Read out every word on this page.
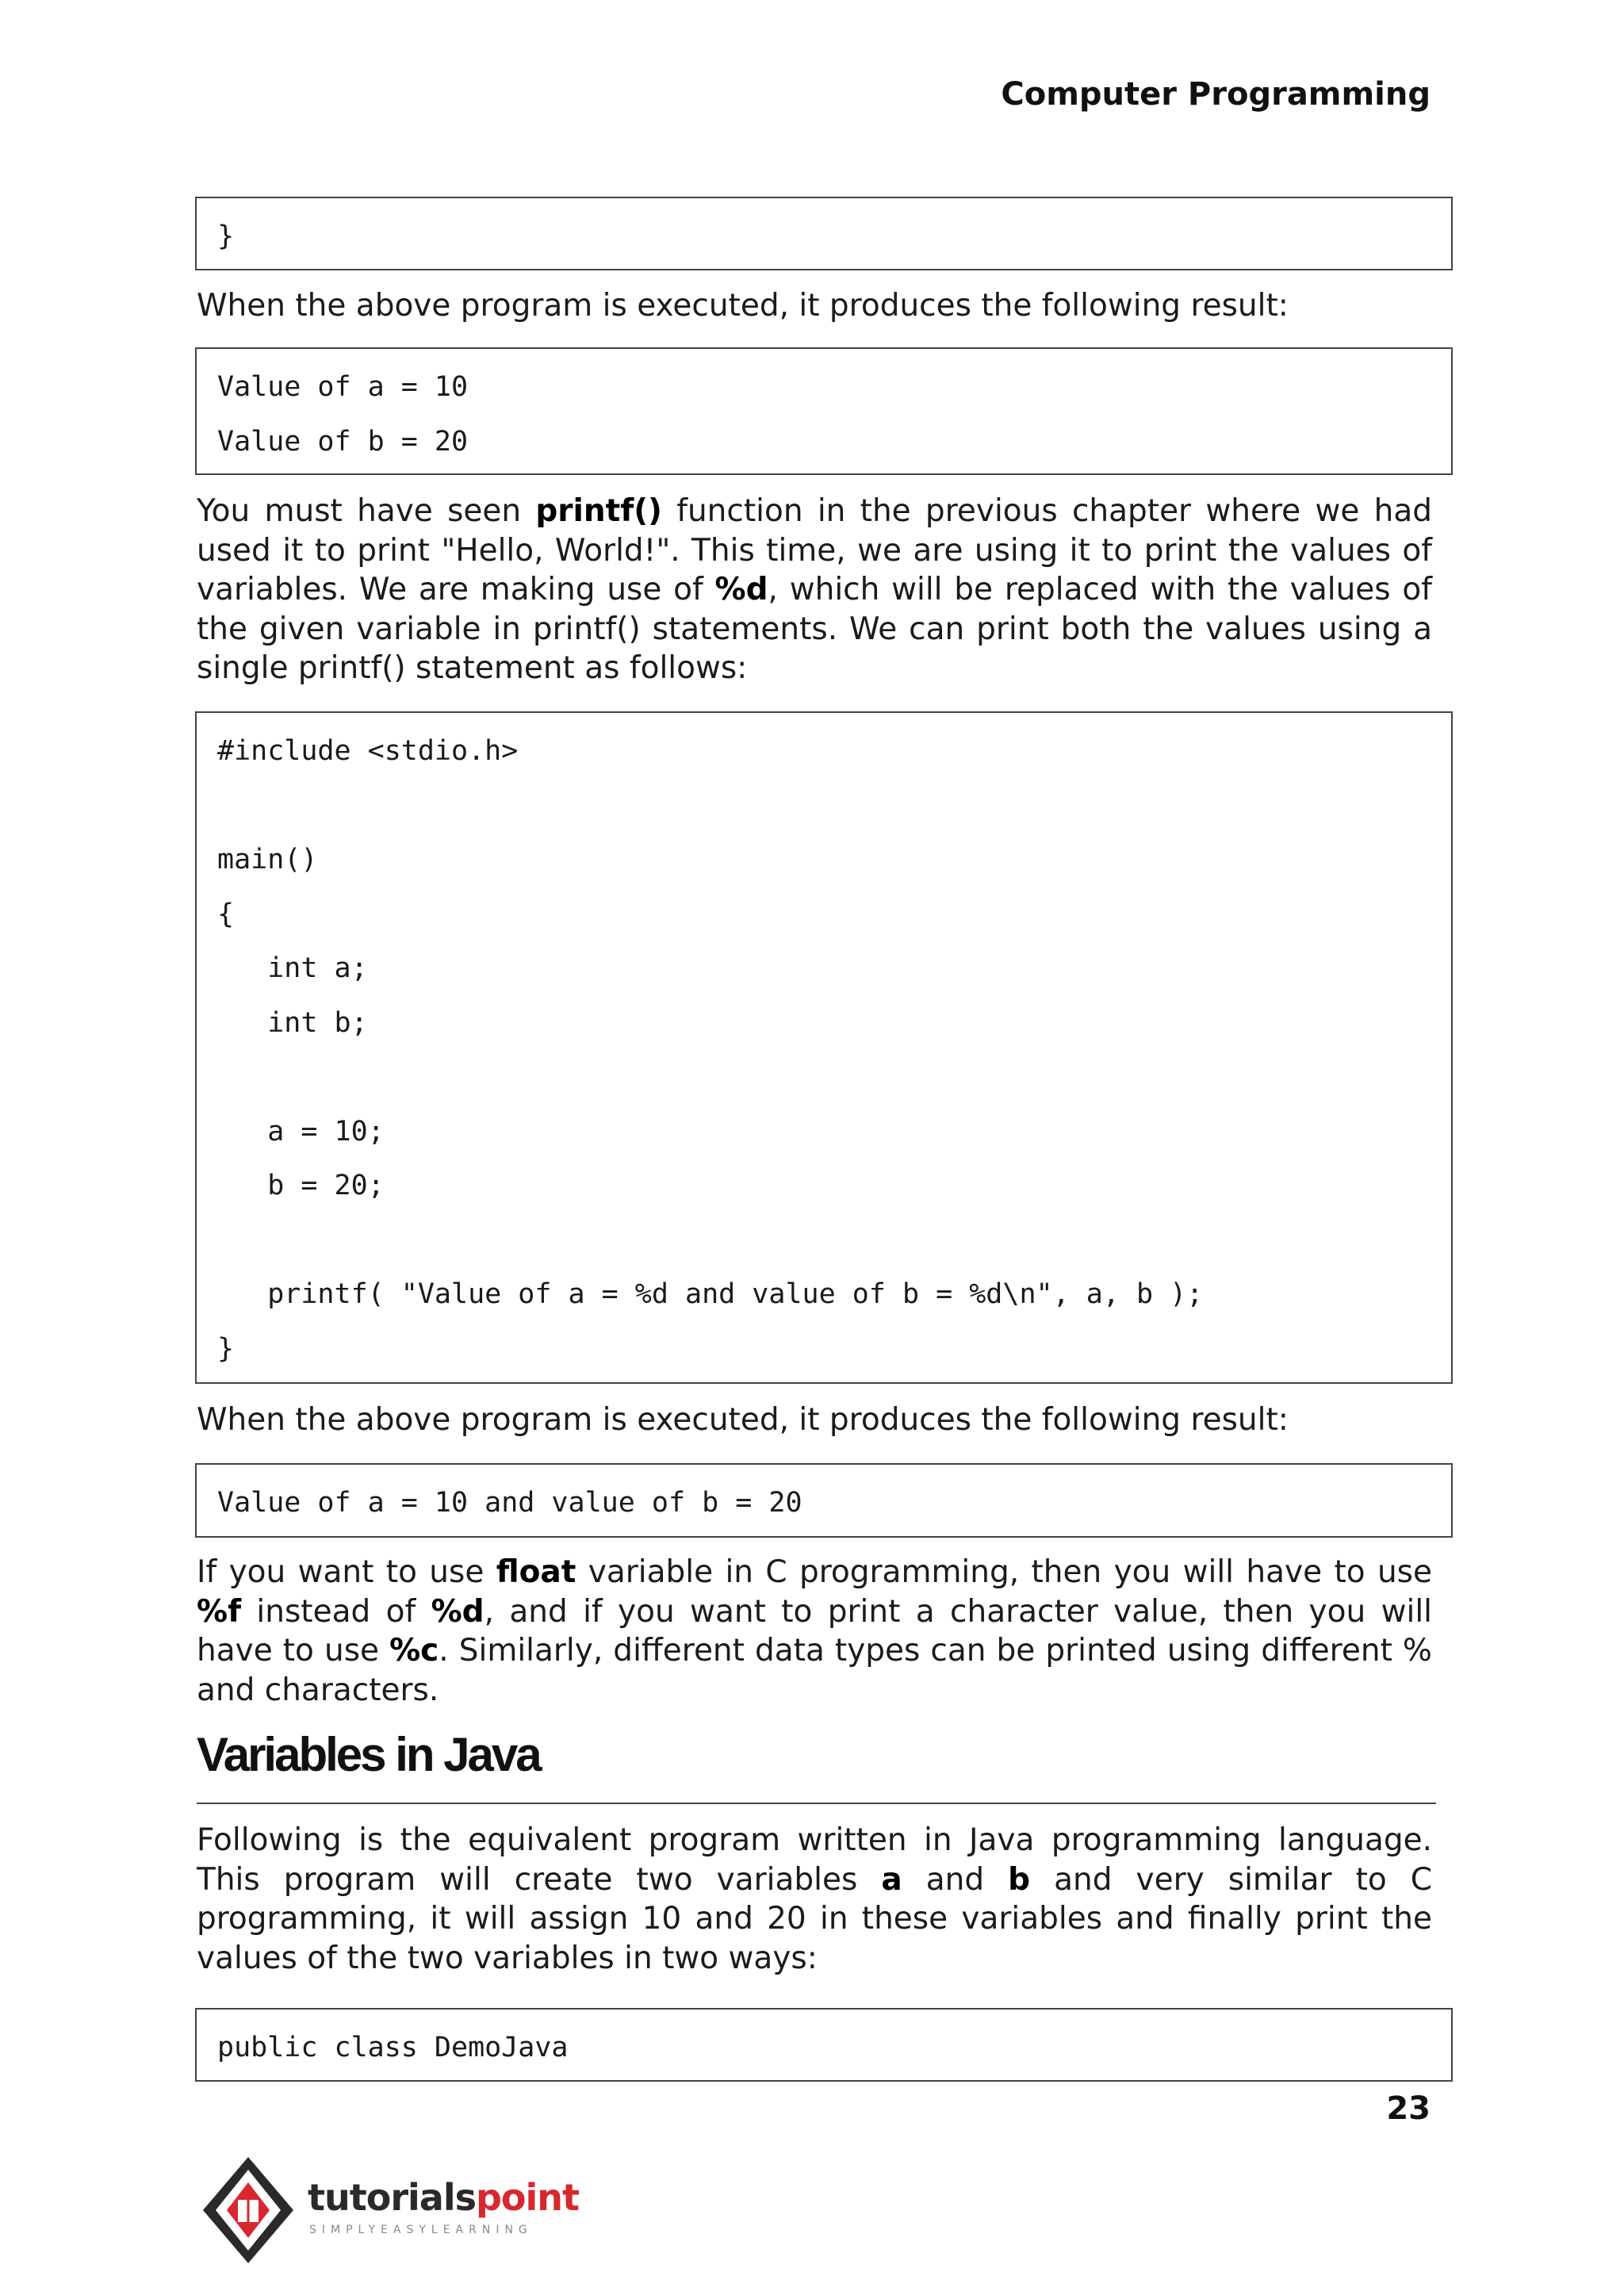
Computer Programming
}
When the above program is executed, it produces the following result:
Value of a = 10
Value of b = 20
You must have seen printf() function in the previous chapter where we had used it to print "Hello, World!". This time, we are using it to print the values of variables. We are making use of %d, which will be replaced with the values of the given variable in printf() statements. We can print both the values using a single printf() statement as follows:
#include <stdio.h>
main()
{
int a;
int b;
a = 10;
b = 20;
printf( "Value of a = %d and value of b = %d\n", a, b );
}
When the above program is executed, it produces the following result:
Value of a = 10 and value of b = 20
If you want to use float variable in C programming, then you will have to use %f instead of %d, and if you want to print a character value, then you will have to use %c. Similarly, different data types can be printed using different % and characters.
Variables in Java
Following is the equivalent program written in Java programming language. This program will create two variables a and b and very similar to C programming, it will assign 10 and 20 in these variables and finally print the values of the two variables in two ways:
public class DemoJava
23
tutorialspoint
SIMPLYEASYLEARNING
